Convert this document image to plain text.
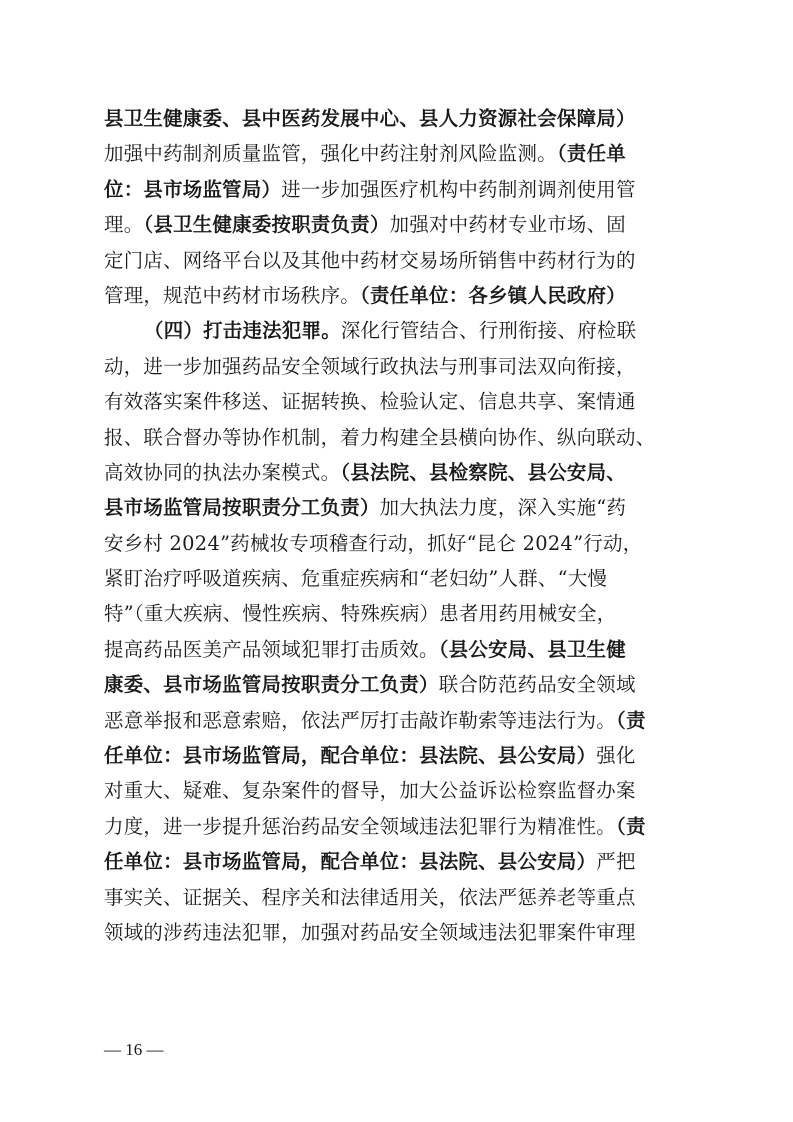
县卫生健康委、县中医药发展中心、县人力资源社会保障局）
加强中药制剂质量监管，强化中药注射剂风险监测。（责任单
位：县市场监管局）进一步加强医疗机构中药制剂调剂使用管
理。（县卫生健康委按职责负责）加强对中药材专业市场、固
定门店、网络平台以及其他中药材交易场所销售中药材行为的
管理，规范中药材市场秩序。（责任单位：各乡镇人民政府）
（四）打击违法犯罪。深化行管结合、行刑衔接、府检联
动，进一步加强药品安全领域行政执法与刑事司法双向衔接，
有效落实案件移送、证据转换、检验认定、信息共享、案情通
报、联合督办等协作机制，着力构建全县横向协作、纵向联动、
高效协同的执法办案模式。（县法院、县检察院、县公安局、
县市场监管局按职责分工负责）加大执法力度，深入实施“药
安乡村 2024”药械妆专项稽查行动，抓好“昆仑 2024”行动，
紧盯治疗呼吸道疾病、危重症疾病和“老妇幼”人群、“大慢
特”（重大疾病、慢性疾病、特殊疾病）患者用药用械安全，
提高药品医美产品领域犯罪打击质效。（县公安局、县卫生健
康委、县市场监管局按职责分工负责）联合防范药品安全领域
恶意举报和恶意索赔，依法严厉打击敲诈勒索等违法行为。（责
任单位：县市场监管局，配合单位：县法院、县公安局）强化
对重大、疑难、复杂案件的督导，加大公益诉讼检察监督办案
力度，进一步提升惩治药品安全领域违法犯罪行为精准性。（责
任单位：县市场监管局，配合单位：县法院、县公安局）严把
事实关、证据关、程序关和法律适用关，依法严惩养老等重点
领域的涉药违法犯罪，加强对药品安全领域违法犯罪案件审理
— 16 —
